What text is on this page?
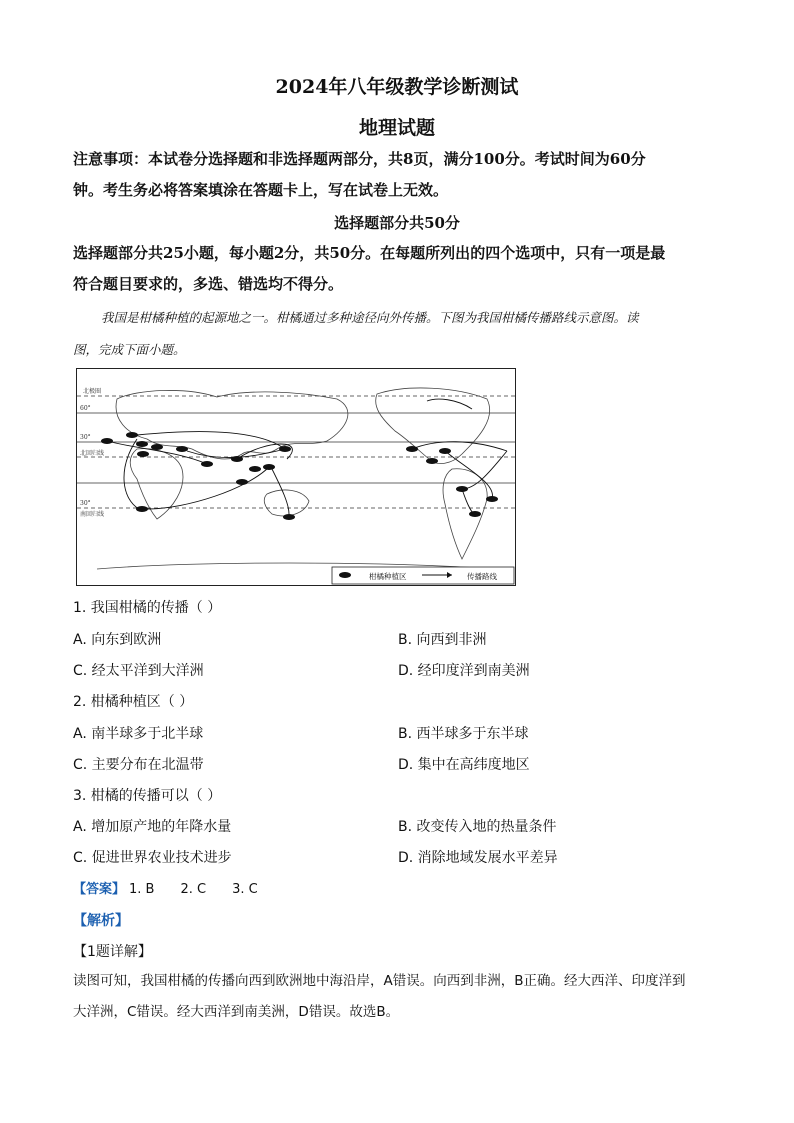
2024年八年级教学诊断测试
地理试题
注意事项：本试卷分选择题和非选择题两部分，共8页，满分100分。考试时间为60分
钟。考生务必将答案填涂在答题卡上，写在试卷上无效。
选择题部分共50分
选择题部分共25小题，每小题2分，共50分。在每题所列出的四个选项中，只有一项是最
符合题目要求的，多选、错选均不得分。
我国是柑橘种植的起源地之一。柑橘通过多种途径向外传播。下图为我国柑橘传播路线示意图。读
图，完成下面小题。
北极圈
60°
30°
北回归线
30°
南回归线
柑橘种植区	传播路线
1. 我国柑橘的传播（ ）
A. 向东到欧洲	B. 向西到非洲
C. 经太平洋到大洋洲	D. 经印度洋到南美洲
2. 柑橘种植区（ ）
A. 南半球多于北半球	B. 西半球多于东半球
C. 主要分布在北温带	D. 集中在高纬度地区
3. 柑橘的传播可以（ ）
A. 增加原产地的年降水量	B. 改变传入地的热量条件
C. 促进世界农业技术进步	D. 消除地域发展水平差异
【答案】 1. B 2. C 3. C
【解析】
【1题详解】
读图可知，我国柑橘的传播向西到欧洲地中海沿岸，A错误。向西到非洲，B正确。经大西洋、印度洋到
大洋洲，C错误。经大西洋到南美洲，D错误。故选B。
